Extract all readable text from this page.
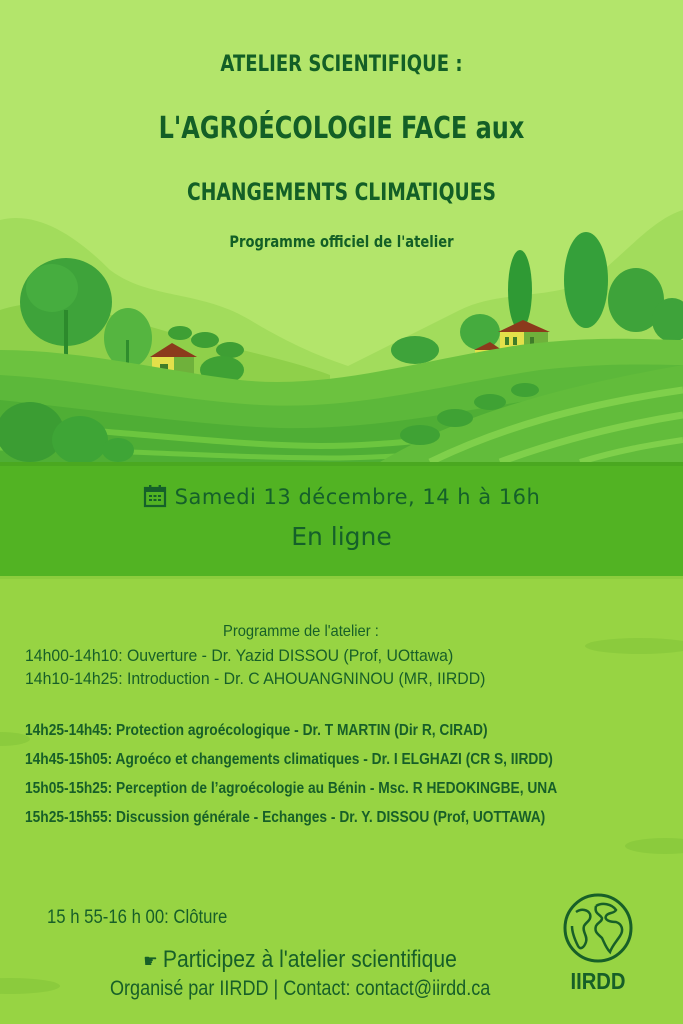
ATELIER SCIENTIFIQUE :
L'AGROÉCOLOGIE FACE aux
CHANGEMENTS CLIMATIQUES
Programme officiel de l'atelier
Samedi 13 décembre, 14 h à 16h
En ligne
Programme de l'atelier :
14h00-14h10: Ouverture - Dr. Yazid DISSOU (Prof, UOttawa)
14h10-14h25: Introduction - Dr. C AHOUANGNINOU (MR, IIRDD)
14h25-14h45: Protection agroécologique - Dr. T MARTIN (Dir R, CIRAD)
14h45-15h05: Agroéco et changements climatiques - Dr. I ELGHAZI (CR S, IIRDD)
15h05-15h25: Perception de l’agroécologie au Bénin - Msc. R HEDOKINGBE, UNA
15h25-15h55: Discussion générale - Echanges - Dr. Y. DISSOU (Prof, UOTTAWA)
15 h 55-16 h 00: Clôture
☛ Participez à l'atelier scientifique
Organisé par IIRDD | Contact: contact@iirdd.ca	IIRDD
